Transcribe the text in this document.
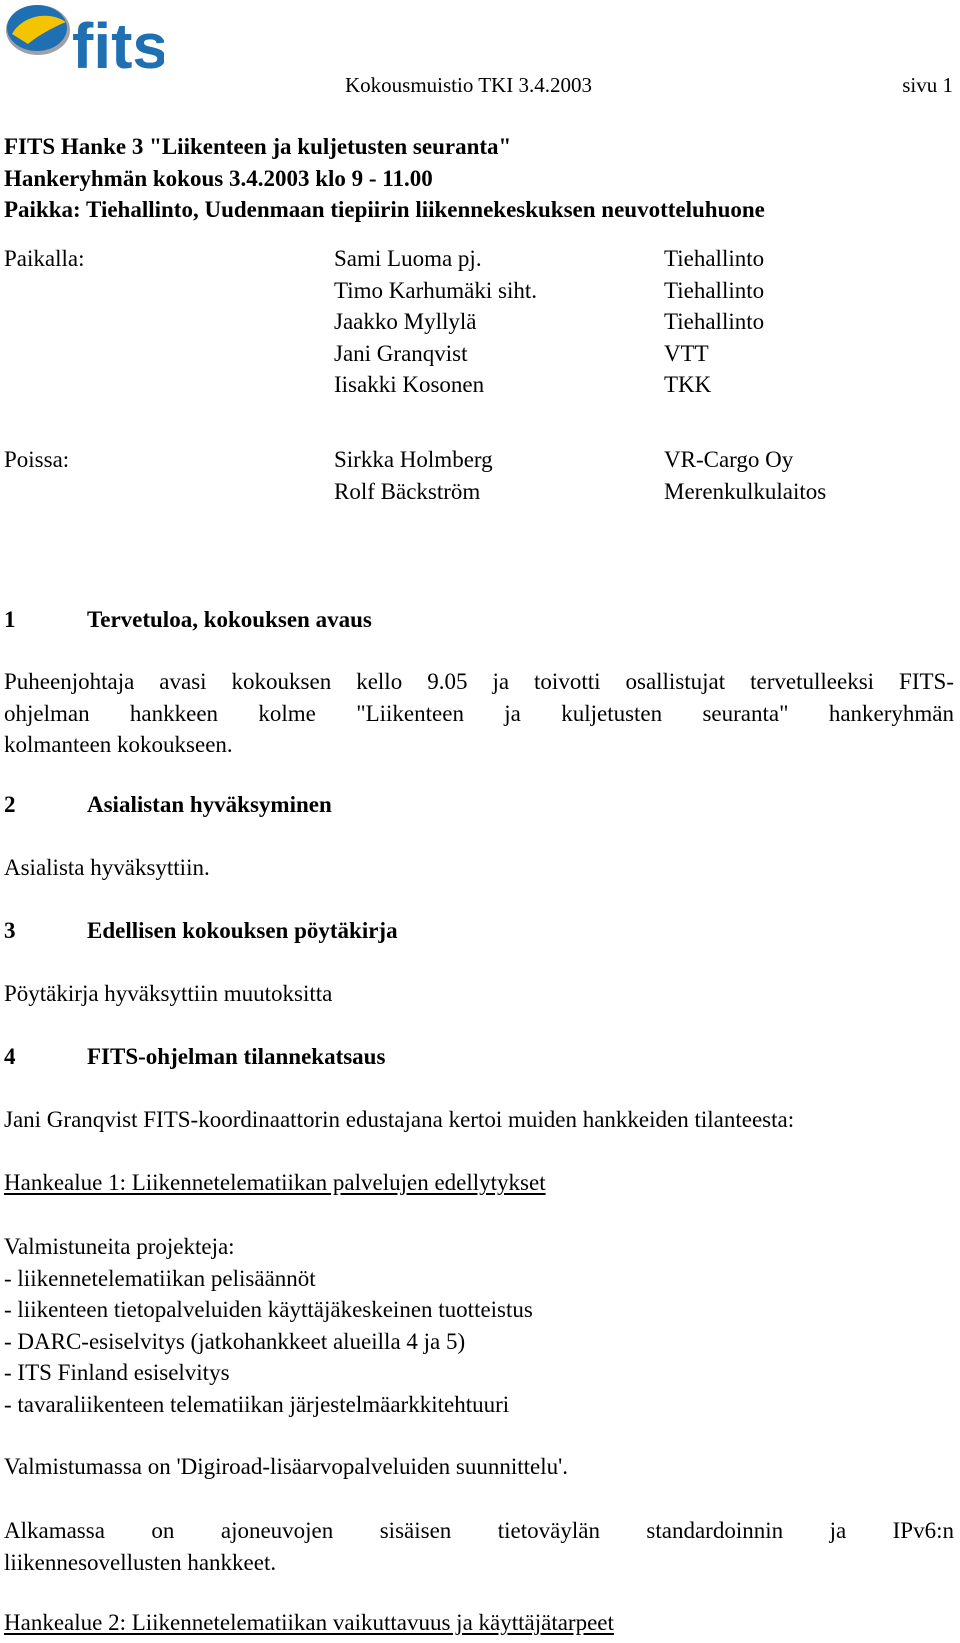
fits
Kokousmuistio TKI 3.4.2003	sivu 1
FITS Hanke 3 "Liikenteen ja kuljetusten seuranta"
Hankeryhmän kokous 3.4.2003 klo 9 - 11.00
Paikka: Tiehallinto, Uudenmaan tiepiirin liikennekeskuksen neuvotteluhuone
Paikalla:	Sami Luoma pj.	Tiehallinto
Timo Karhumäki siht.	Tiehallinto
Jaakko Myllylä	Tiehallinto
Jani Granqvist	VTT
Iisakki Kosonen	TKK
Poissa:	Sirkka Holmberg	VR-Cargo Oy
Rolf Bäckström	Merenkulkulaitos
1	Tervetuloa, kokouksen avaus
Puheenjohtaja avasi kokouksen kello 9.05 ja toivotti osallistujat tervetulleeksi FITS-
ohjelman hankkeen kolme "Liikenteen ja kuljetusten seuranta" hankeryhmän
kolmanteen kokoukseen.
2	Asialistan hyväksyminen
Asialista hyväksyttiin.
3	Edellisen kokouksen pöytäkirja
Pöytäkirja hyväksyttiin muutoksitta
4	FITS-ohjelman tilannekatsaus
Jani Granqvist FITS-koordinaattorin edustajana kertoi muiden hankkeiden tilanteesta:
Hankealue 1: Liikennetelematiikan palvelujen edellytykset
Valmistuneita projekteja:
- liikennetelematiikan pelisäännöt
- liikenteen tietopalveluiden käyttäjäkeskeinen tuotteistus
- DARC-esiselvitys (jatkohankkeet alueilla 4 ja 5)
- ITS Finland esiselvitys
- tavaraliikenteen telematiikan järjestelmäarkkitehtuuri
Valmistumassa on 'Digiroad-lisäarvopalveluiden suunnittelu'.
Alkamassa on ajoneuvojen sisäisen tietoväylän standardoinnin ja IPv6:n
liikennesovellusten hankkeet.
Hankealue 2: Liikennetelematiikan vaikuttavuus ja käyttäjätarpeet
